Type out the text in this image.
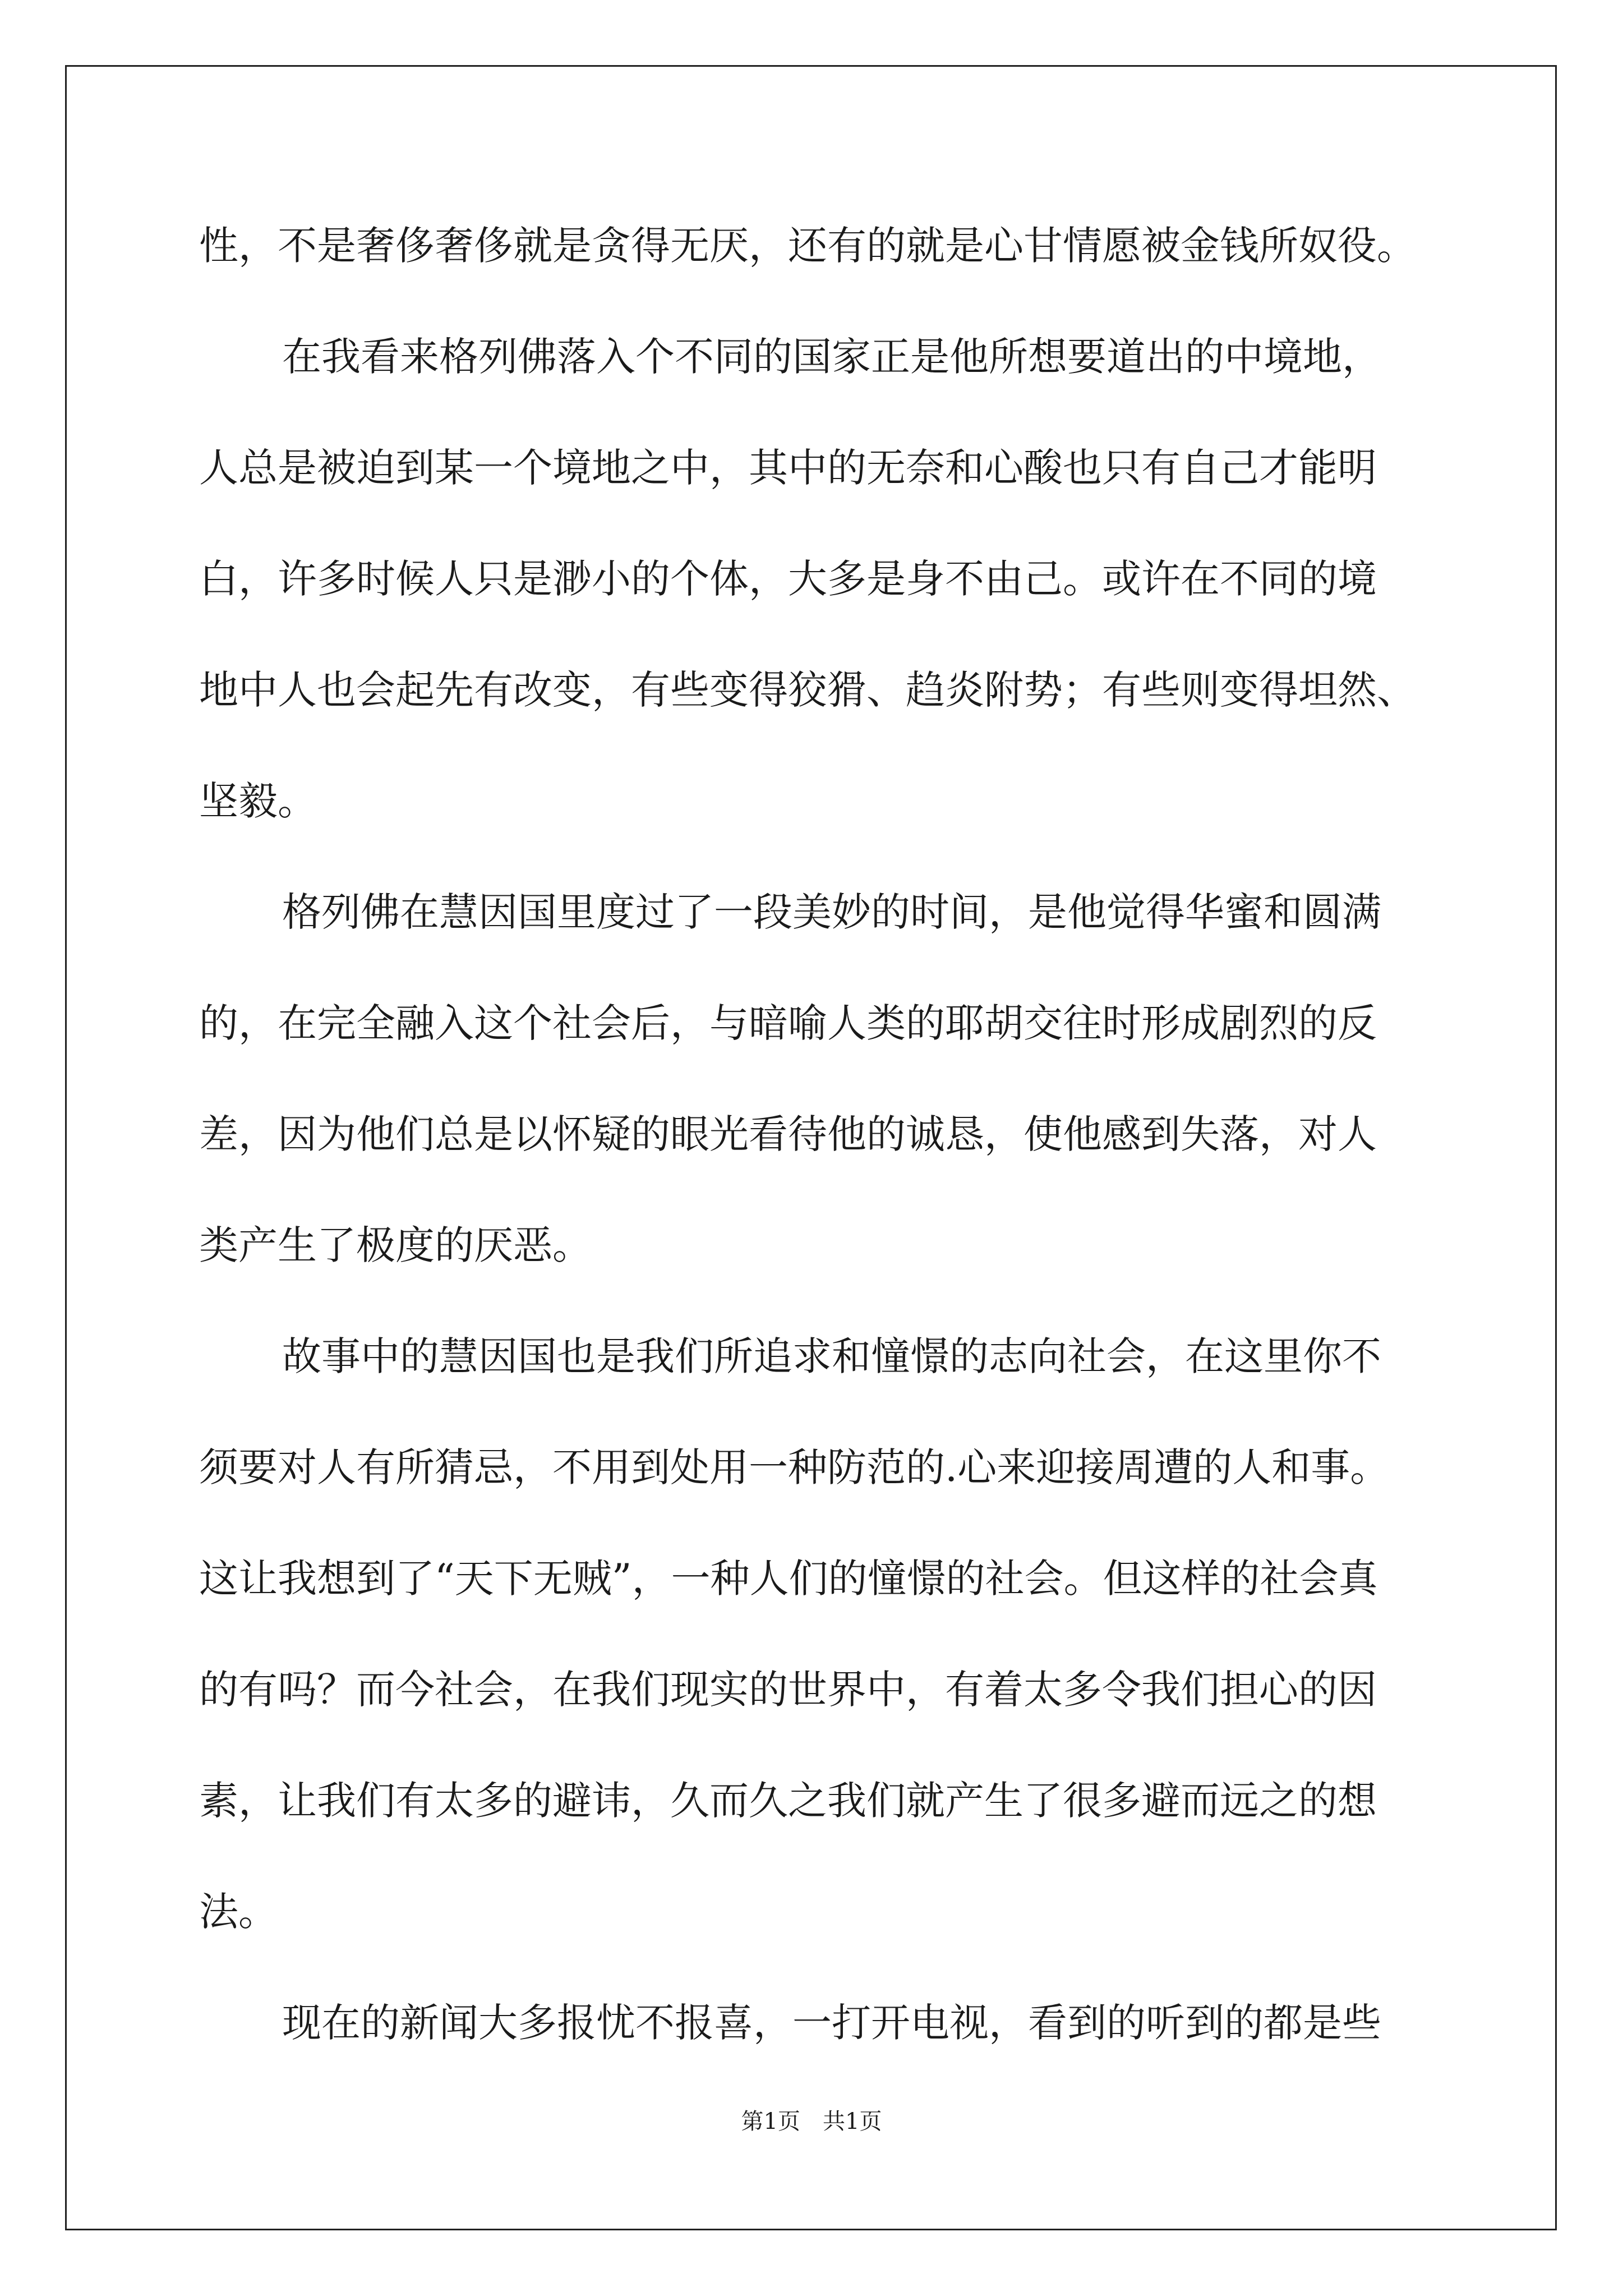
性，不是奢侈奢侈就是贪得无厌，还有的就是心甘情愿被金钱所奴役。
在我看来格列佛落入个不同的国家正是他所想要道出的中境地，
人总是被迫到某一个境地之中，其中的无奈和心酸也只有自己才能明
白，许多时候人只是渺小的个体，大多是身不由己。或许在不同的境
地中人也会起先有改变，有些变得狡猾、趋炎附势；有些则变得坦然、
坚毅。
格列佛在慧因国里度过了一段美妙的时间，是他觉得华蜜和圆满
的，在完全融入这个社会后，与暗喻人类的耶胡交往时形成剧烈的反
差，因为他们总是以怀疑的眼光看待他的诚恳，使他感到失落，对人
类产生了极度的厌恶。
故事中的慧因国也是我们所追求和憧憬的志向社会，在这里你不
须要对人有所猜忌，不用到处用一种防范的.心来迎接周遭的人和事。
这让我想到了“天下无贼”，一种人们的憧憬的社会。但这样的社会真
的有吗？而今社会，在我们现实的世界中，有着太多令我们担心的因
素，让我们有太多的避讳，久而久之我们就产生了很多避而远之的想
法。
现在的新闻大多报忧不报喜，一打开电视，看到的听到的都是些
第1页　共1页
